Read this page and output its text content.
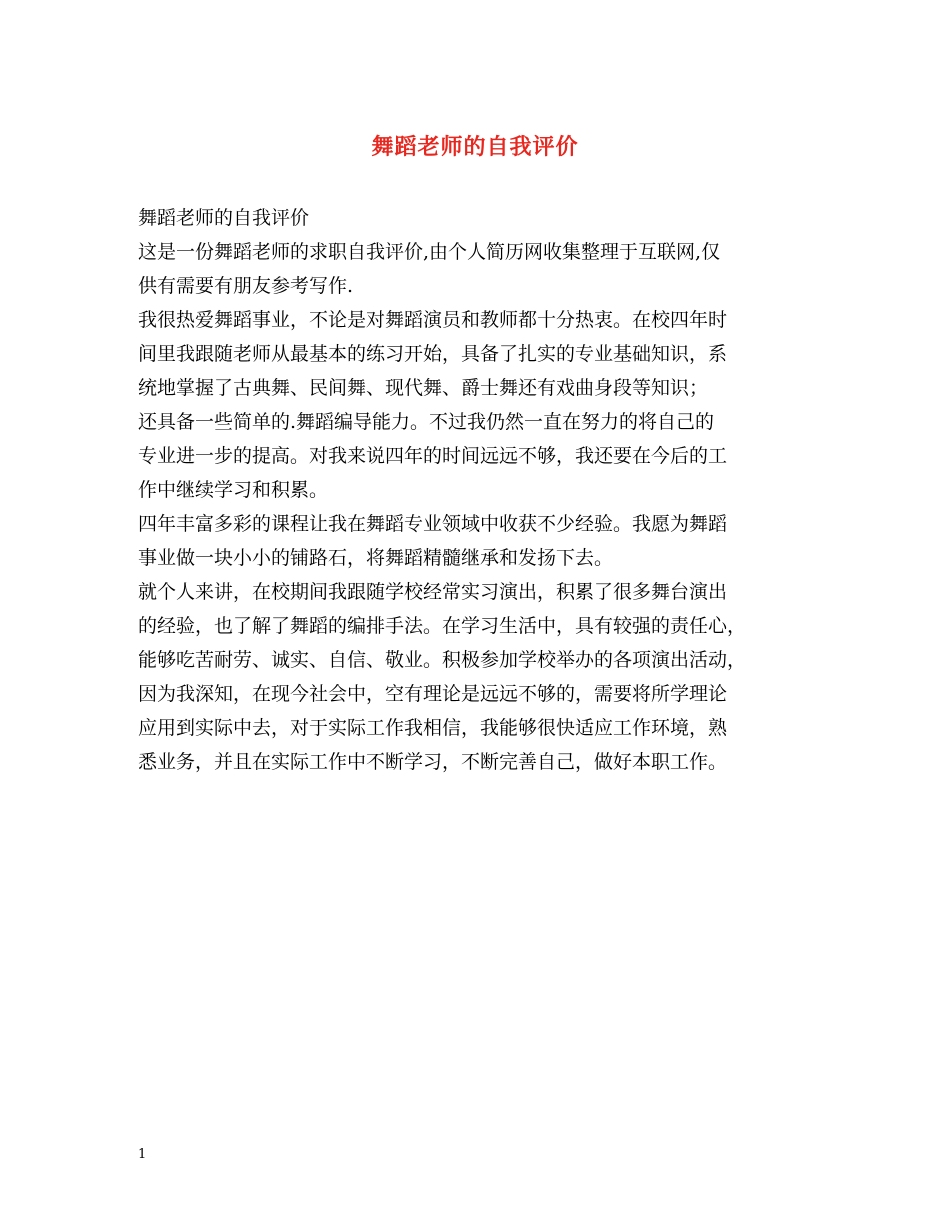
舞蹈老师的自我评价
舞蹈老师的自我评价
这是一份舞蹈老师的求职自我评价,由个人简历网收集整理于互联网,仅
供有需要有朋友参考写作.
我很热爱舞蹈事业，不论是对舞蹈演员和教师都十分热衷。在校四年时
间里我跟随老师从最基本的练习开始，具备了扎实的专业基础知识，系
统地掌握了古典舞、民间舞、现代舞、爵士舞还有戏曲身段等知识；
还具备一些简单的.舞蹈编导能力。不过我仍然一直在努力的将自己的
专业进一步的提高。对我来说四年的时间远远不够，我还要在今后的工
作中继续学习和积累。
四年丰富多彩的课程让我在舞蹈专业领域中收获不少经验。我愿为舞蹈
事业做一块小小的铺路石，将舞蹈精髓继承和发扬下去。
就个人来讲，在校期间我跟随学校经常实习演出，积累了很多舞台演出
的经验，也了解了舞蹈的编排手法。在学习生活中，具有较强的责任心，
能够吃苦耐劳、诚实、自信、敬业。积极参加学校举办的各项演出活动，
因为我深知，在现今社会中，空有理论是远远不够的，需要将所学理论
应用到实际中去，对于实际工作我相信，我能够很快适应工作环境，熟
悉业务，并且在实际工作中不断学习，不断完善自己，做好本职工作。
1
